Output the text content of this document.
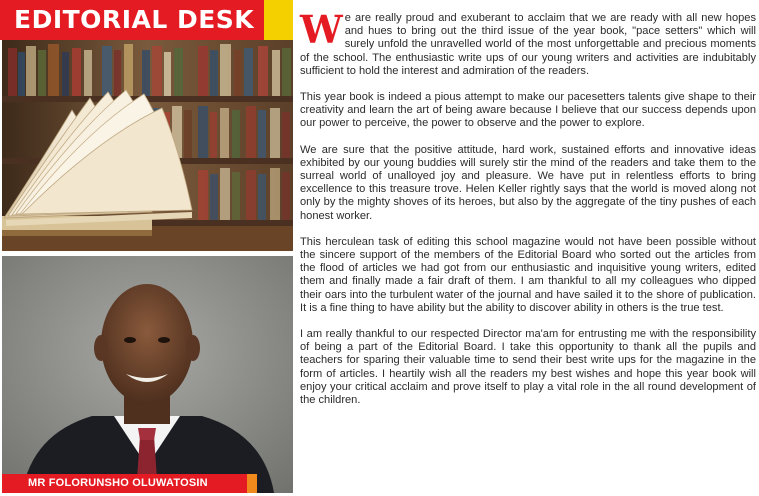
EDITORIAL DESK
MR FOLORUNSHO OLUWATOSIN

We are really proud and exuberant to acclaim that we are ready with all new hopes and hues to bring out the third issue of the year book, "pace setters" which will surely unfold the unravelled world of the most unforgettable and precious moments of the school. The enthusiastic write ups of our young writers and activities are indubitably sufficient to hold the interest and admiration of the readers.

This year book is indeed a pious attempt to make our pacesetters talents give shape to their creativity and learn the art of being aware because I believe that our success depends upon our power to perceive, the power to observe and the power to explore.

We are sure that the positive attitude, hard work, sustained efforts and innovative ideas exhibited by our young buddies will surely stir the mind of the readers and take them to the surreal world of unalloyed joy and pleasure. We have put in relentless efforts to bring excellence to this treasure trove. Helen Keller rightly says that the world is moved along not only by the mighty shoves of its heroes, but also by the aggregate of the tiny pushes of each honest worker.

This herculean task of editing this school magazine would not have been possible without the sincere support of the members of the Editorial Board who sorted out the articles from the flood of articles we had got from our enthusiastic and inquisitive young writers, edited them and finally made a fair draft of them. I am thankful to all my colleagues who dipped their oars into the turbulent water of the journal and have sailed it to the shore of publication. It is a fine thing to have ability but the ability to discover ability in others is the true test.

I am really thankful to our respected Director ma'am for entrusting me with the responsibility of being a part of the Editorial Board. I take this opportunity to thank all the pupils and teachers for sparing their valuable time to send their best write ups for the magazine in the form of articles. I heartily wish all the readers my best wishes and hope this year book will enjoy your critical acclaim and prove itself to play a vital role in the all round development of the children.
